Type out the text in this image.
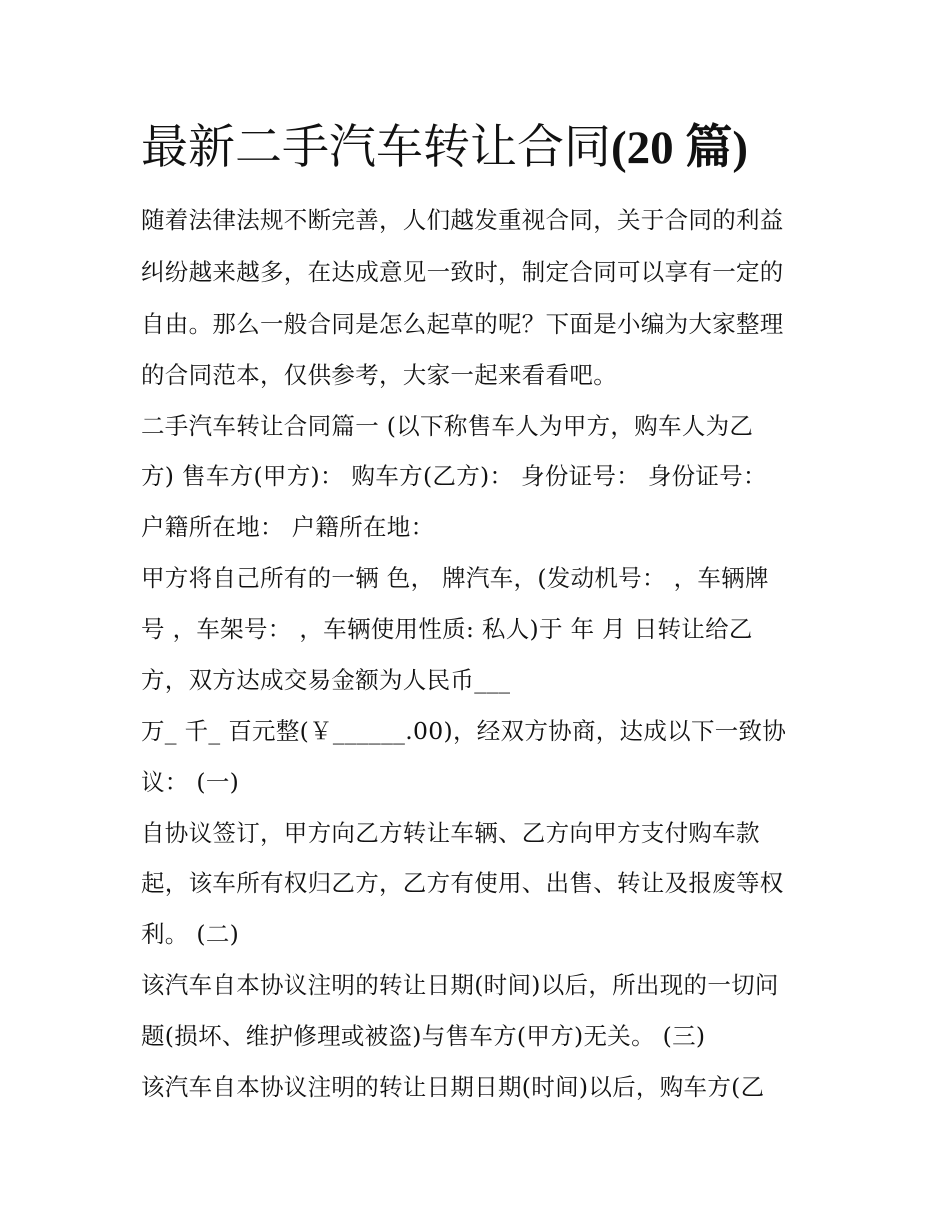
最新二手汽车转让合同(20 篇)

随着法律法规不断完善，人们越发重视合同，关于合同的利益

纠纷越来越多，在达成意见一致时，制定合同可以享有一定的

自由。那么一般合同是怎么起草的呢？下面是小编为大家整理

的合同范本，仅供参考，大家一起来看看吧。

二手汽车转让合同篇一 (以下称售车人为甲方，购车人为乙

方) 售车方(甲方)： 购车方(乙方)： 身份证号： 身份证号：

户籍所在地： 户籍所在地：

甲方将自己所有的一辆 色， 牌汽车，(发动机号： ，车辆牌

号 ，车架号： ，车辆使用性质: 私人)于 年 月 日转让给乙

方，双方达成交易金额为人民币___

万_ 千_ 百元整(￥______.00)，经双方协商，达成以下一致协

议： (一)

自协议签订，甲方向乙方转让车辆、乙方向甲方支付购车款

起，该车所有权归乙方，乙方有使用、出售、转让及报废等权

利。 (二)

该汽车自本协议注明的转让日期(时间)以后，所出现的一切问

题(损坏、维护修理或被盗)与售车方(甲方)无关。 (三)

该汽车自本协议注明的转让日期日期(时间)以后，购车方(乙
